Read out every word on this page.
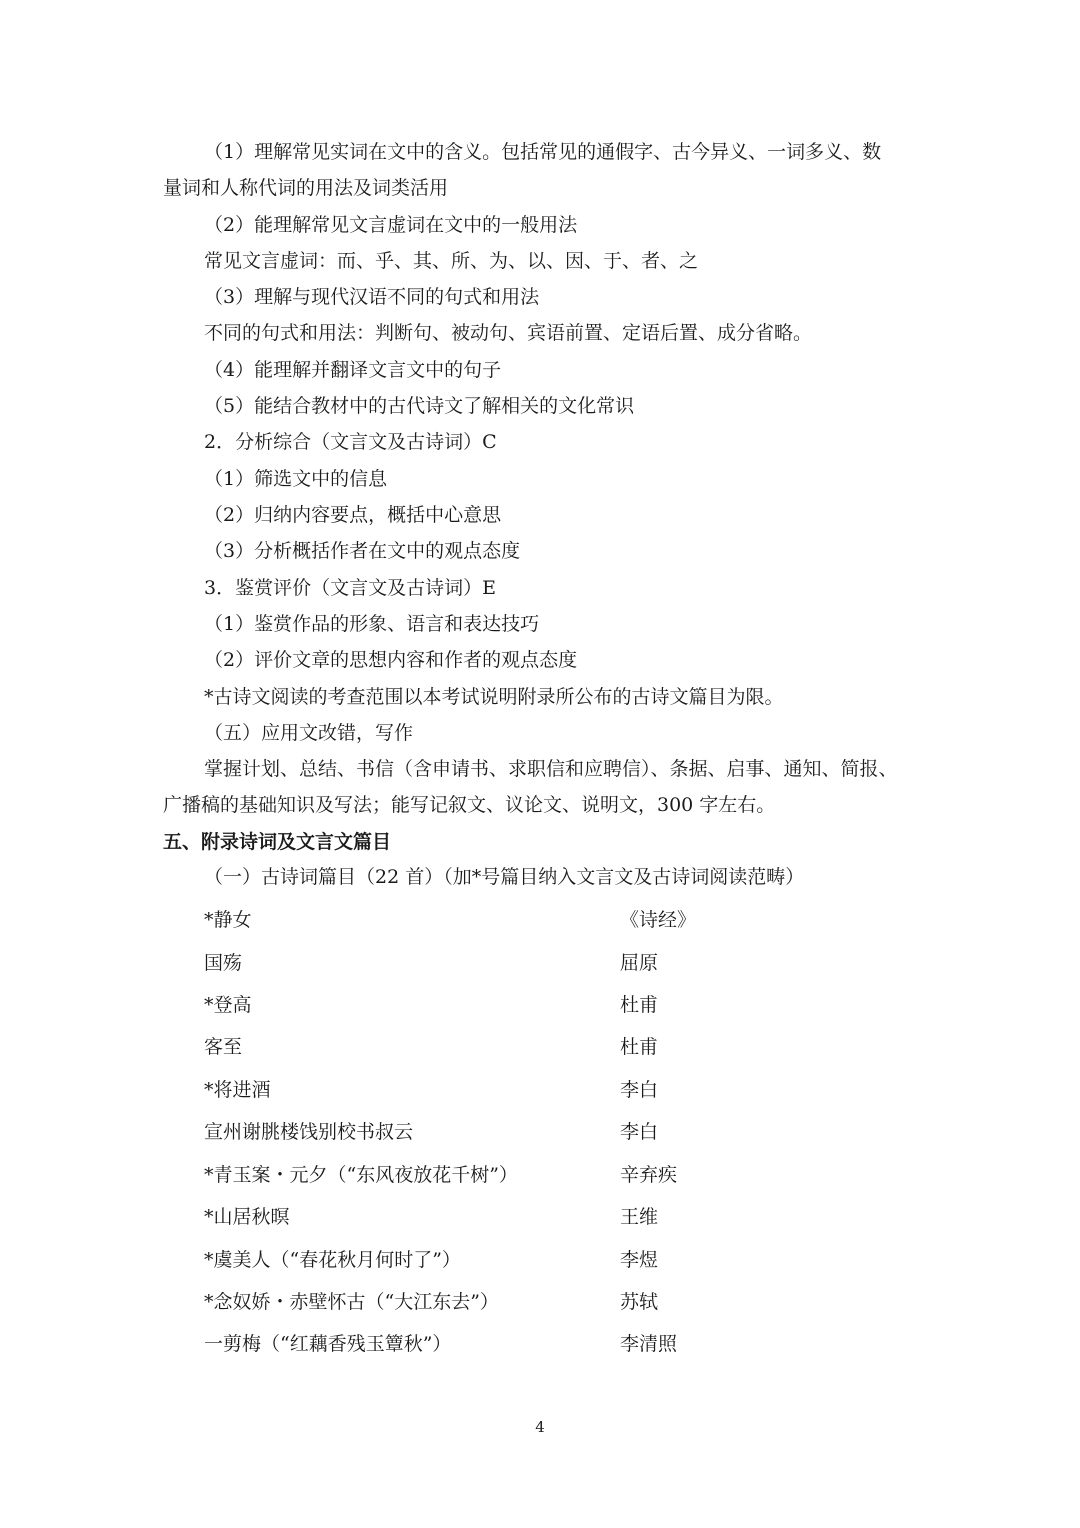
（1）理解常见实词在文中的含义。包括常见的通假字、古今异义、一词多义、数
量词和人称代词的用法及词类活用
（2）能理解常见文言虚词在文中的一般用法
常见文言虚词：而、乎、其、所、为、以、因、于、者、之
（3）理解与现代汉语不同的句式和用法
不同的句式和用法：判断句、被动句、宾语前置、定语后置、成分省略。
（4）能理解并翻译文言文中的句子
（5）能结合教材中的古代诗文了解相关的文化常识
2．分析综合（文言文及古诗词）C
（1）筛选文中的信息
（2）归纳内容要点，概括中心意思
（3）分析概括作者在文中的观点态度
3．鉴赏评价（文言文及古诗词）E
（1）鉴赏作品的形象、语言和表达技巧
（2）评价文章的思想内容和作者的观点态度
*古诗文阅读的考查范围以本考试说明附录所公布的古诗文篇目为限。
（五）应用文改错，写作
掌握计划、总结、书信（含申请书、求职信和应聘信）、条据、启事、通知、简报、
广播稿的基础知识及写法；能写记叙文、议论文、说明文，300 字左右。
五、附录诗词及文言文篇目
（一）古诗词篇目（22 首）（加*号篇目纳入文言文及古诗词阅读范畴）
*静女	《诗经》
国殇	屈原
*登高	杜甫
客至	杜甫
*将进酒	李白
宣州谢朓楼饯别校书叔云	李白
*青玉案・元夕（“东风夜放花千树”）	辛弃疾
*山居秋暝	王维
*虞美人（“春花秋月何时了”）	李煜
*念奴娇・赤壁怀古（“大江东去”）	苏轼
一剪梅（“红藕香残玉簟秋”）	李清照
4
